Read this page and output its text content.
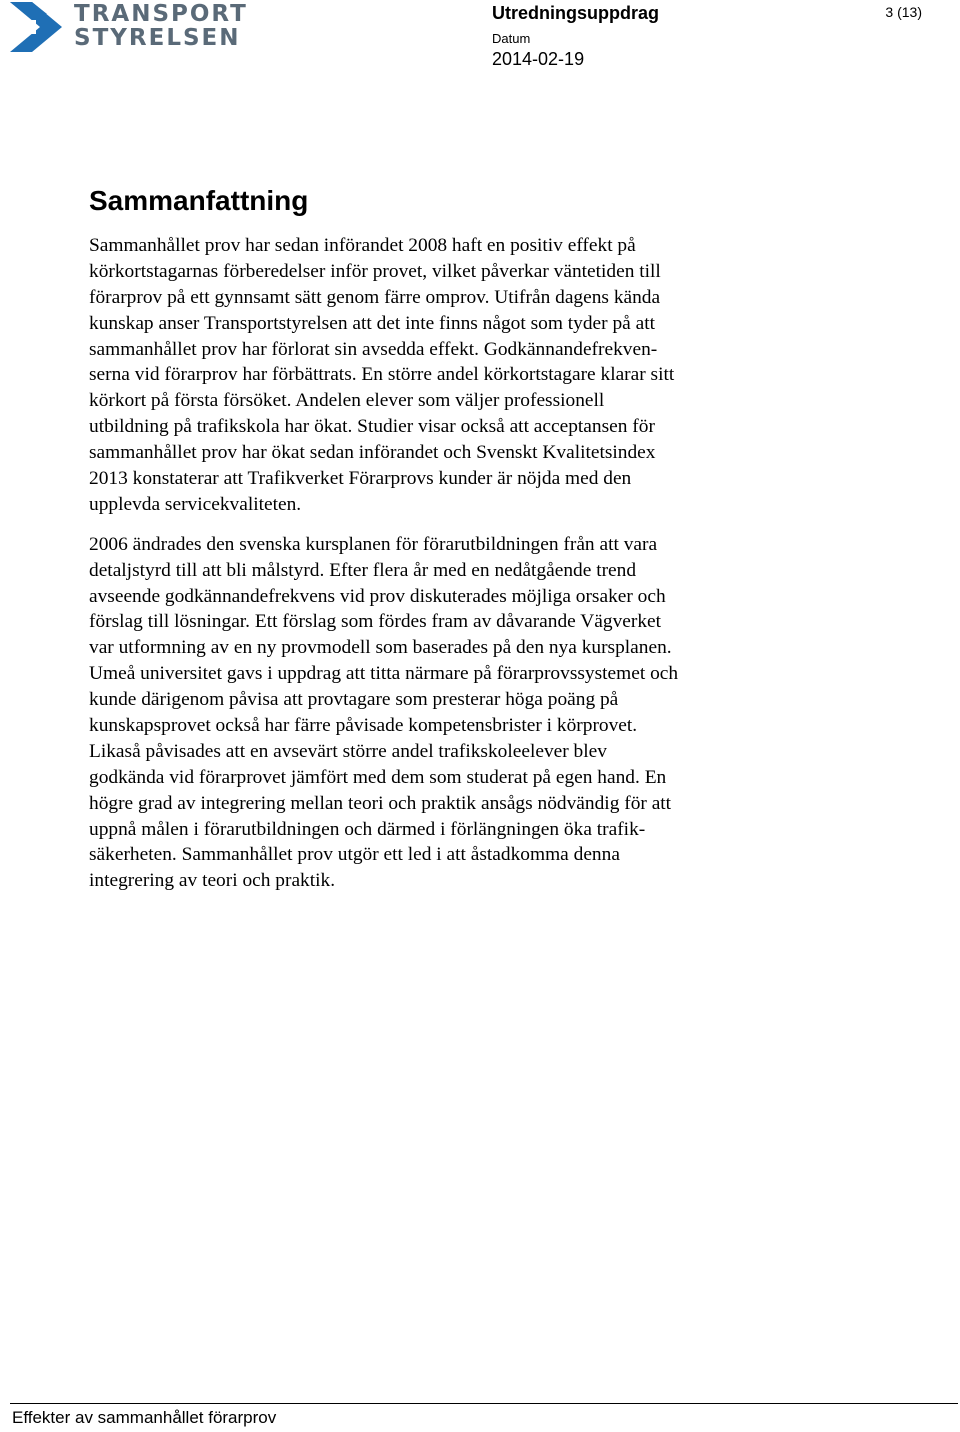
TRANSPORT
STYRELSEN
Utredningsuppdrag
Datum
2014-02-19
3 (13)
Sammanfattning
Sammanhållet prov har sedan införandet 2008 haft en positiv effekt på
körkortstagarnas förberedelser inför provet, vilket påverkar väntetiden till
förarprov på ett gynnsamt sätt genom färre omprov. Utifrån dagens kända
kunskap anser Transportstyrelsen att det inte finns något som tyder på att
sammanhållet prov har förlorat sin avsedda effekt. Godkännandefrekven-
serna vid förarprov har förbättrats. En större andel körkortstagare klarar sitt
körkort på första försöket. Andelen elever som väljer professionell
utbildning på trafikskola har ökat. Studier visar också att acceptansen för
sammanhållet prov har ökat sedan införandet och Svenskt Kvalitetsindex
2013 konstaterar att Trafikverket Förarprovs kunder är nöjda med den
upplevda servicekvaliteten.
2006 ändrades den svenska kursplanen för förarutbildningen från att vara
detaljstyrd till att bli målstyrd. Efter flera år med en nedåtgående trend
avseende godkännandefrekvens vid prov diskuterades möjliga orsaker och
förslag till lösningar. Ett förslag som fördes fram av dåvarande Vägverket
var utformning av en ny provmodell som baserades på den nya kursplanen.
Umeå universitet gavs i uppdrag att titta närmare på förarprovssystemet och
kunde därigenom påvisa att provtagare som presterar höga poäng på
kunskapsprovet också har färre påvisade kompetensbrister i körprovet.
Likaså påvisades att en avsevärt större andel trafikskoleelever blev
godkända vid förarprovet jämfört med dem som studerat på egen hand. En
högre grad av integrering mellan teori och praktik ansågs nödvändig för att
uppnå målen i förarutbildningen och därmed i förlängningen öka trafik-
säkerheten. Sammanhållet prov utgör ett led i att åstadkomma denna
integrering av teori och praktik.
Effekter av sammanhållet förarprov
